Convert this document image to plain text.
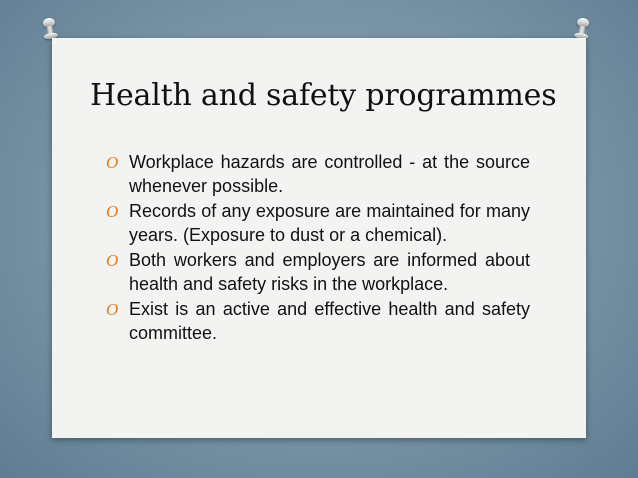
Health and safety programmes
O Workplace hazards are controlled - at the source whenever possible.
O Records of any exposure are maintained for many years. (Exposure to dust or a chemical).
O Both workers and employers are informed about health and safety risks in the workplace.
O Exist is an active and effective health and safety committee.
